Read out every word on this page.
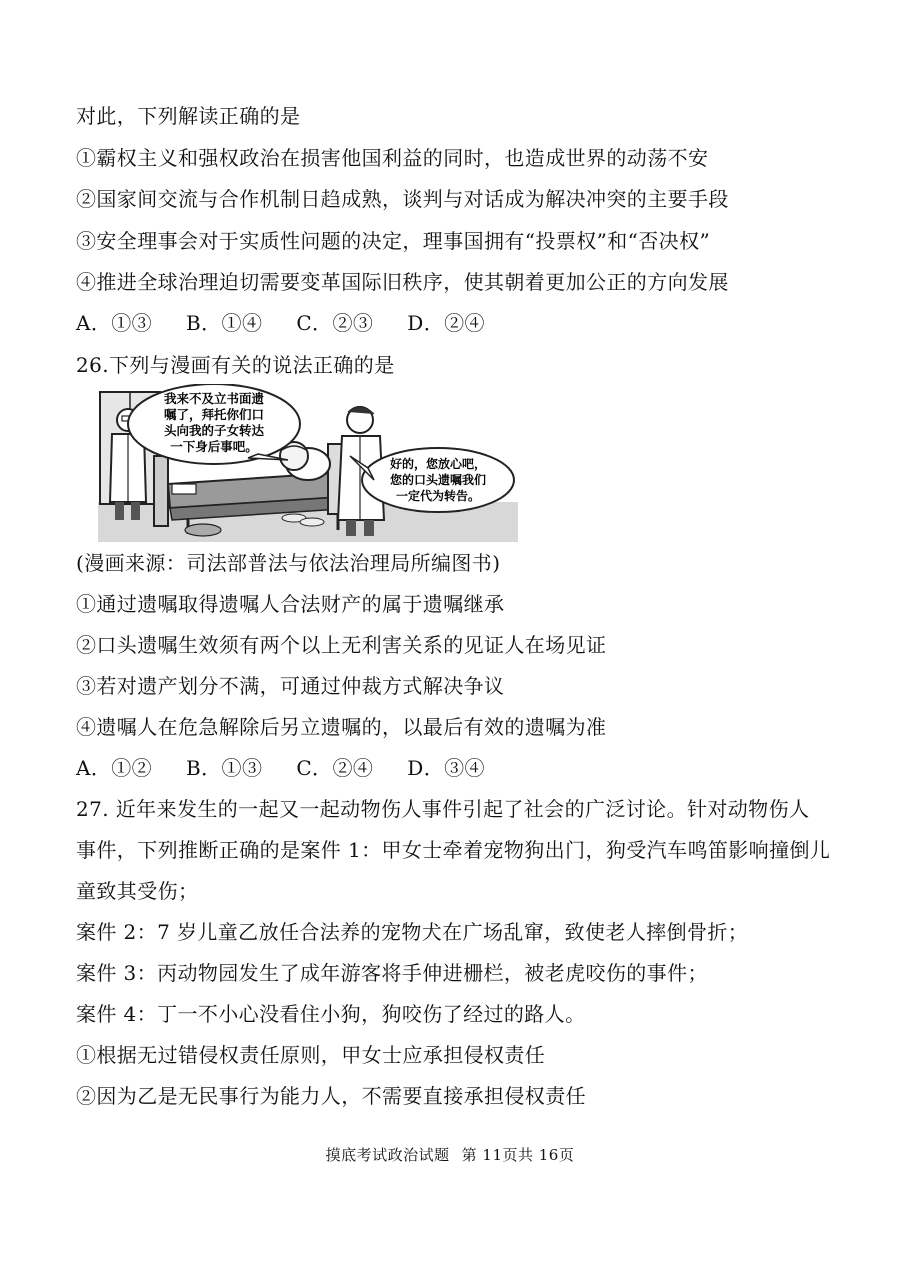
对此，下列解读正确的是
①霸权主义和强权政治在损害他国利益的同时，也造成世界的动荡不安
②国家间交流与合作机制日趋成熟，谈判与对话成为解决冲突的主要手段
③安全理事会对于实质性问题的决定，理事国拥有“投票权”和“否决权”
④推进全球治理迫切需要变革国际旧秩序，使其朝着更加公正的方向发展
A．①③ B．①④ C．②③ D．②④
26.下列与漫画有关的说法正确的是
我来不及立书面遗
嘱了，拜托你们口
头向我的子女转达
一下身后事吧。
好的，您放心吧，
您的口头遗嘱我们
一定代为转告。
(漫画来源：司法部普法与依法治理局所编图书)
①通过遗嘱取得遗嘱人合法财产的属于遗嘱继承
②口头遗嘱生效须有两个以上无利害关系的见证人在场见证
③若对遗产划分不满，可通过仲裁方式解决争议
④遗嘱人在危急解除后另立遗嘱的，以最后有效的遗嘱为准
A．①② B．①③ C．②④ D．③④
27. 近年来发生的一起又一起动物伤人事件引起了社会的广泛讨论。针对动物伤人
事件，下列推断正确的是案件 1：甲女士牵着宠物狗出门，狗受汽车鸣笛影响撞倒儿
童致其受伤；
案件 2：7 岁儿童乙放任合法养的宠物犬在广场乱窜，致使老人摔倒骨折；
案件 3：丙动物园发生了成年游客将手伸进栅栏，被老虎咬伤的事件；
案件 4：丁一不小心没看住小狗，狗咬伤了经过的路人。
①根据无过错侵权责任原则，甲女士应承担侵权责任
②因为乙是无民事行为能力人，不需要直接承担侵权责任
摸底考试政治试题 第 11页共 16页
